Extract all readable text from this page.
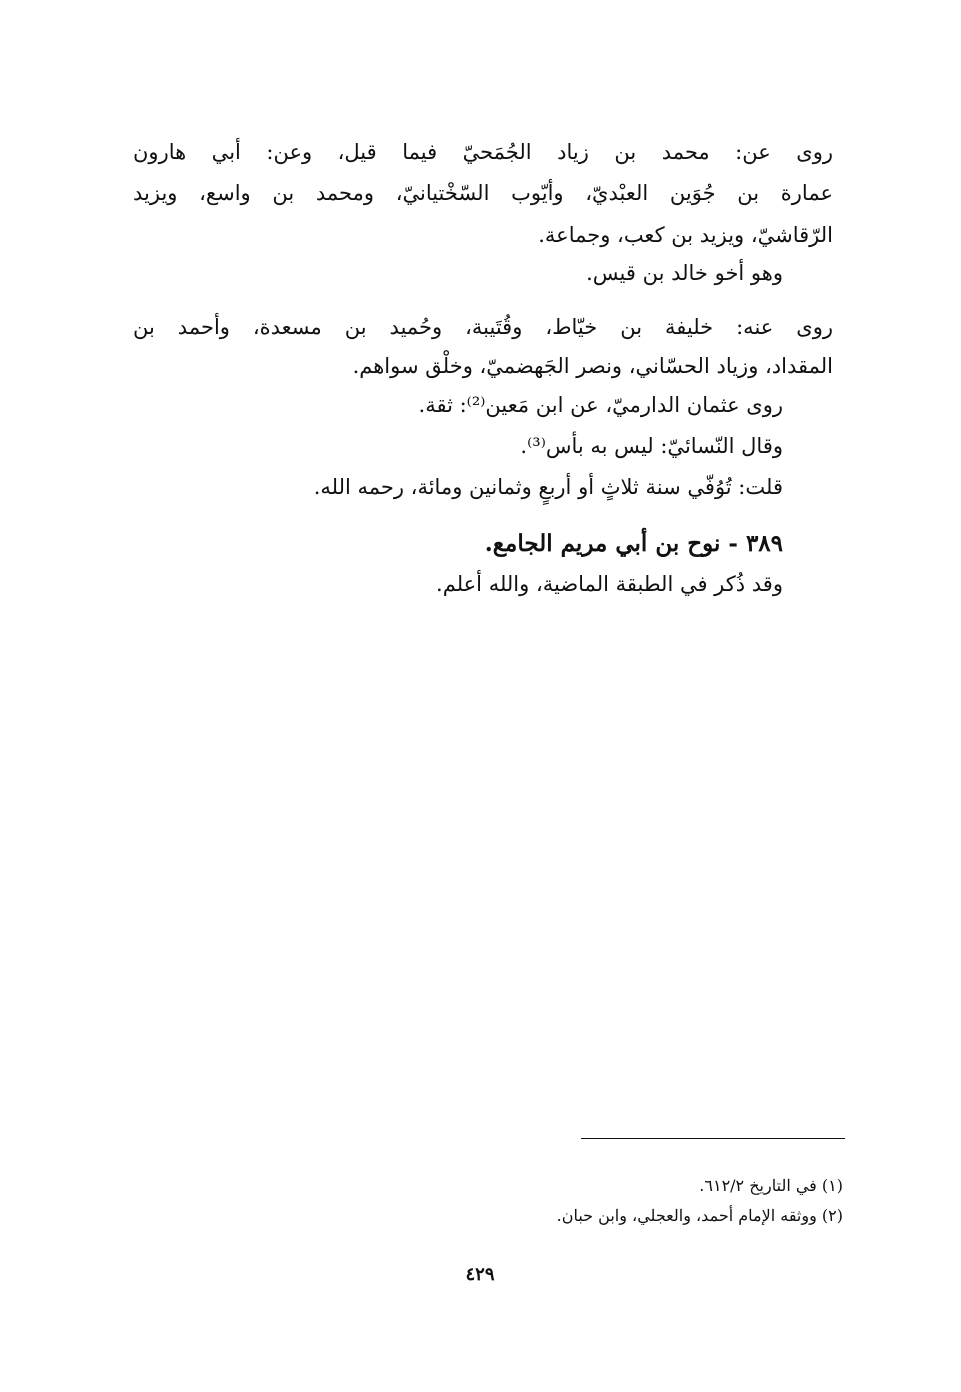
روى عن: محمد بن زياد الجُمَحيّ فيما قيل، وعن: أبي هارون
عمارة بن جُوَين العبْديّ، وأيّوب السّخْتيانيّ، ومحمد بن واسع، ويزيد
الرّقاشيّ، ويزيد بن كعب، وجماعة.
وهو أخو خالد بن قيس.
روى عنه: خليفة بن خيّاط، وقُتَيبة، وحُميد بن مسعدة، وأحمد بن
المقداد، وزياد الحسّاني، ونصر الجَهضميّ، وخلْق سواهم.
روى عثمان الدارميّ، عن ابن مَعين⁽²⁾: ثقة.
وقال النّسائيّ: ليس به بأس⁽³⁾.
قلت: تُوُفّي سنة ثلاثٍ أو أربعٍ وثمانين ومائة، رحمه الله.
٣٨٩ - نوح بن أبي مريم الجامع.
وقد ذُكر في الطبقة الماضية، والله أعلم.
(١) في التاريخ ٦١٢/٢.
(٢) ووثقه الإمام أحمد، والعجلي، وابن حبان.
٤٢٩
